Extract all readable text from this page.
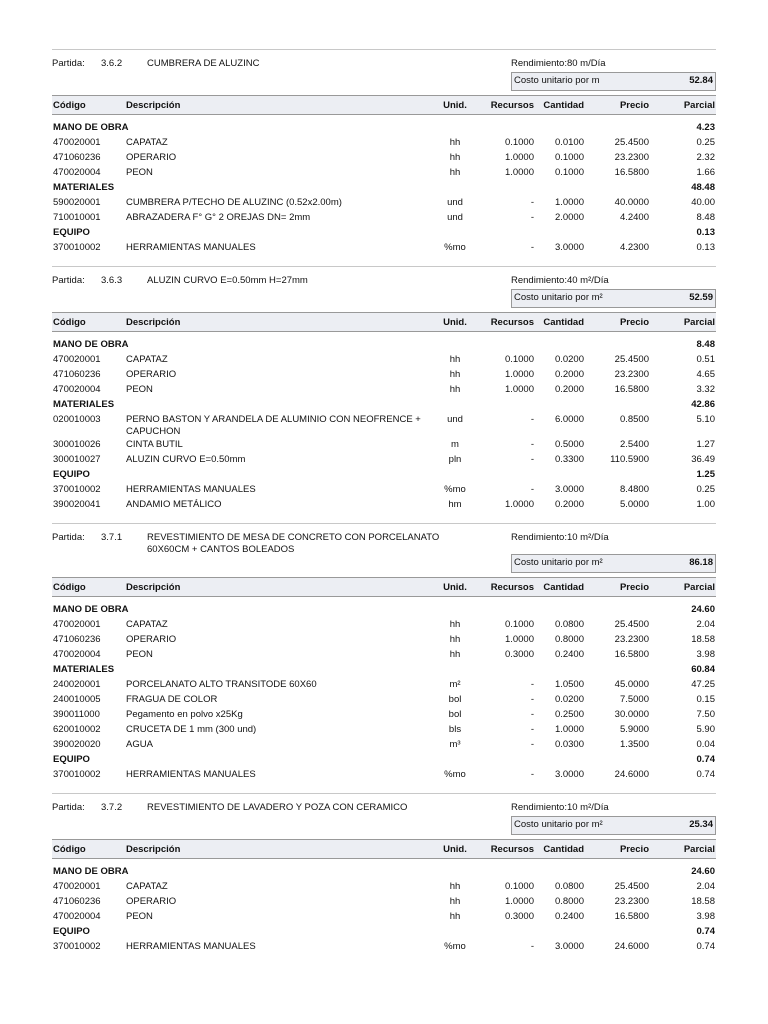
Partida: 3.6.2	CUMBRERA DE ALUZINC	Rendimiento:80 m/Día
Costo unitario por m	52.84
Código	Descripción	Unid.	Recursos	Cantidad	Precio	Parcial

MANO DE OBRA						4.23
470020001	CAPATAZ	hh	0.1000	0.0100	25.4500	0.25
471060236	OPERARIO	hh	1.0000	0.1000	23.2300	2.32
470020004	PEON	hh	1.0000	0.1000	16.5800	1.66
MATERIALES						48.48
590020001	CUMBRERA P/TECHO DE ALUZINC (0.52x2.00m)	und	-	1.0000	40.0000	40.00
710010001	ABRAZADERA F° G° 2 OREJAS DN= 2mm	und	-	2.0000	4.2400	8.48
EQUIPO						0.13
370010002	HERRAMIENTAS MANUALES	%mo	-	3.0000	4.2300	0.13
Partida: 3.6.3	ALUZIN CURVO E=0.50mm H=27mm	Rendimiento:40 m²/Día
Costo unitario por m²	52.59
Código	Descripción	Unid.	Recursos	Cantidad	Precio	Parcial

MANO DE OBRA						8.48
470020001	CAPATAZ	hh	0.1000	0.0200	25.4500	0.51
471060236	OPERARIO	hh	1.0000	0.2000	23.2300	4.65
470020004	PEON	hh	1.0000	0.2000	16.5800	3.32
MATERIALES						42.86
020010003	PERNO BASTON Y ARANDELA DE ALUMINIO CON NEOFRENCE + CAPUCHON	und	-	6.0000	0.8500	5.10
300010026	CINTA BUTIL	m	-	0.5000	2.5400	1.27
300010027	ALUZIN CURVO E=0.50mm	pln	-	0.3300	110.5900	36.49
EQUIPO						1.25
370010002	HERRAMIENTAS MANUALES	%mo	-	3.0000	8.4800	0.25
390020041	ANDAMIO METÁLICO	hm	1.0000	0.2000	5.0000	1.00
Partida: 3.7.1	REVESTIMIENTO DE MESA DE CONCRETO CON PORCELANATO 60X60CM + CANTOS BOLEADOS
Rendimiento:10 m²/Día
Costo unitario por m²	86.18
Código	Descripción	Unid.	Recursos	Cantidad	Precio	Parcial

MANO DE OBRA						24.60
470020001	CAPATAZ	hh	0.1000	0.0800	25.4500	2.04
471060236	OPERARIO	hh	1.0000	0.8000	23.2300	18.58
470020004	PEON	hh	0.3000	0.2400	16.5800	3.98
MATERIALES						60.84
240020001	PORCELANATO ALTO TRANSITODE 60X60	m²	-	1.0500	45.0000	47.25
240010005	FRAGUA DE COLOR	bol	-	0.0200	7.5000	0.15
390011000	Pegamento en polvo x25Kg	bol	-	0.2500	30.0000	7.50
620010002	CRUCETA DE 1 mm (300 und)	bls	-	1.0000	5.9000	5.90
390020020	AGUA	m³	-	0.0300	1.3500	0.04
EQUIPO						0.74
370010002	HERRAMIENTAS MANUALES	%mo	-	3.0000	24.6000	0.74
Partida: 3.7.2	REVESTIMIENTO DE LAVADERO Y POZA CON CERAMICO	Rendimiento:10 m²/Día
Costo unitario por m²	25.34
Código	Descripción	Unid.	Recursos	Cantidad	Precio	Parcial

MANO DE OBRA						24.60
470020001	CAPATAZ	hh	0.1000	0.0800	25.4500	2.04
471060236	OPERARIO	hh	1.0000	0.8000	23.2300	18.58
470020004	PEON	hh	0.3000	0.2400	16.5800	3.98
EQUIPO						0.74
370010002	HERRAMIENTAS MANUALES	%mo	-	3.0000	24.6000	0.74
